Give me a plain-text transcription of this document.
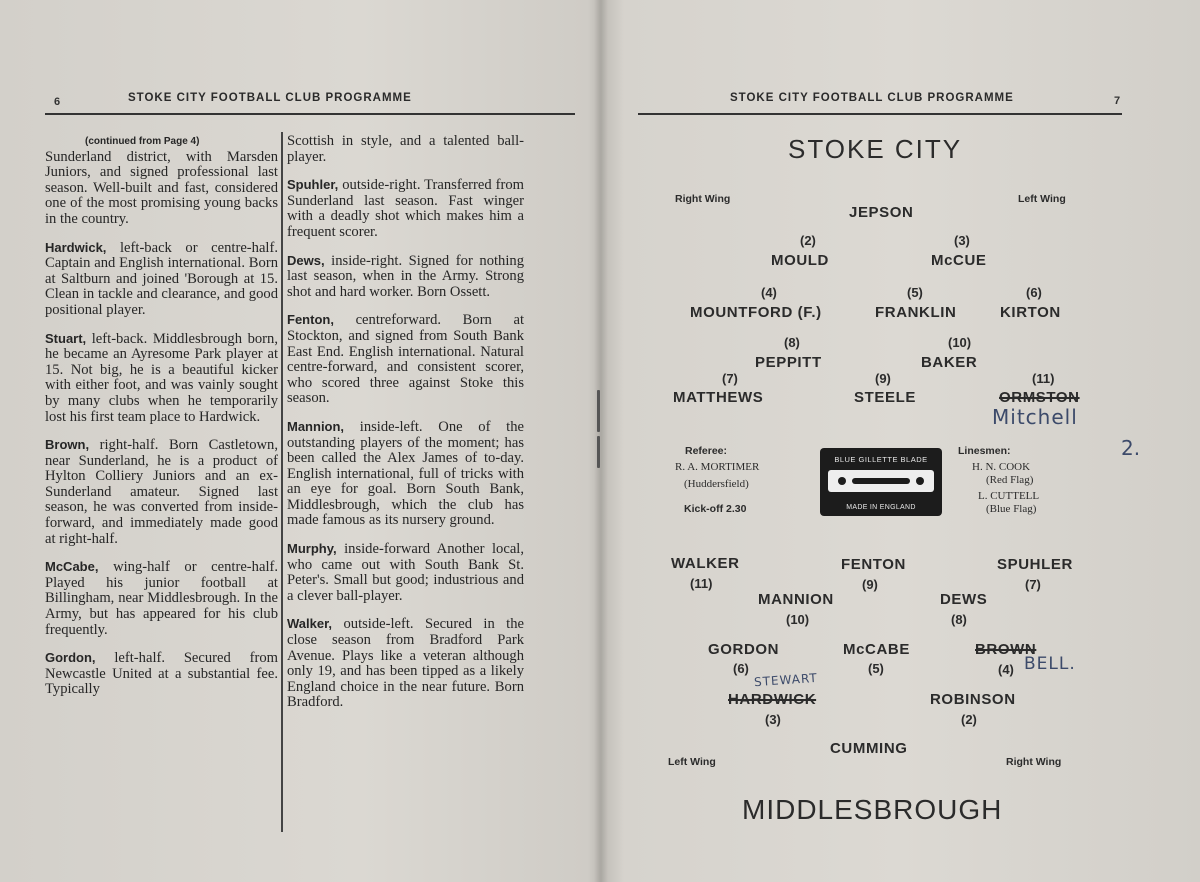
6	STOKE CITY FOOTBALL CLUB PROGRAMME
(continued from Page 4)

Sunderland district, with Marsden Juniors, and signed professional last season. Well-built and fast, considered one of the most promising young backs in the country.

Hardwick, left-back or centre-half. Captain and English international. Born at Saltburn and joined 'Borough at 15. Clean in tackle and clearance, and good positional player.

Stuart, left-back. Middlesbrough born, he became an Ayresome Park player at 15. Not big, he is a beautiful kicker with either foot, and was vainly sought by many clubs when he temporarily lost his first team place to Hardwick.

Brown, right-half. Born Castletown, near Sunderland, he is a product of Hylton Colliery Juniors and an ex- Sunderland amateur. Signed last season, he was converted from inside-forward, and immediately made good at right-half.

McCabe, wing-half or centre-half. Played his junior football at Billingham, near Middlesbrough. In the Army, but has appeared for his club frequently.

Gordon, left-half. Secured from Newcastle United at a substantial fee. Typically

Scottish in style, and a talented ball-player.

Spuhler, outside-right. Transferred from Sunderland last season. Fast winger with a deadly shot which makes him a frequent scorer.

Dews, inside-right. Signed for nothing last season, when in the Army. Strong shot and hard worker. Born Ossett.

Fenton, centreforward. Born at Stockton, and signed from South Bank East End. English international. Natural centre-forward, and consistent scorer, who scored three against Stoke this season.

Mannion, inside-left. One of the outstanding players of the moment; has been called the Alex James of to-day. English international, full of tricks with an eye for goal. Born South Bank, Middlesbrough, which the club has made famous as its nursery ground.

Murphy, inside-forward Another local, who came out with South Bank St. Peter's. Small but good; industrious and a clever ball-player.

Walker, outside-left. Secured in the close season from Bradford Park Avenue. Plays like a veteran although only 19, and has been tipped as a likely England choice in the near future. Born Bradford.

STOKE CITY FOOTBALL CLUB PROGRAMME	7
STOKE CITY
Right Wing	Left Wing
JEPSON
(2)
MOULD
(3)
McCUE
(4)
MOUNTFORD (F.)
(5)
FRANKLIN
(6)
KIRTON
(8)
PEPPITT
(10)
BAKER
(7)
MATTHEWS
(9)
STEELE
(11)
ORMSTON
Mitchell
2.
Referee:
R. A. MORTIMER
(Huddersfield)
Kick-off 2.30
BLUE GILLETTE BLADE
MADE IN ENGLAND
Linesmen:
H. N. COOK
(Red Flag)
L. CUTTELL
(Blue Flag)
WALKER
(11)
FENTON
(9)
SPUHLER
(7)
MANNION
(10)
DEWS
(8)
GORDON
(6)
McCABE
(5)
BROWN
(4) BELL.
STEWART
HARDWICK
(3)
ROBINSON
(2)
CUMMING
Left Wing	Right Wing
MIDDLESBROUGH
